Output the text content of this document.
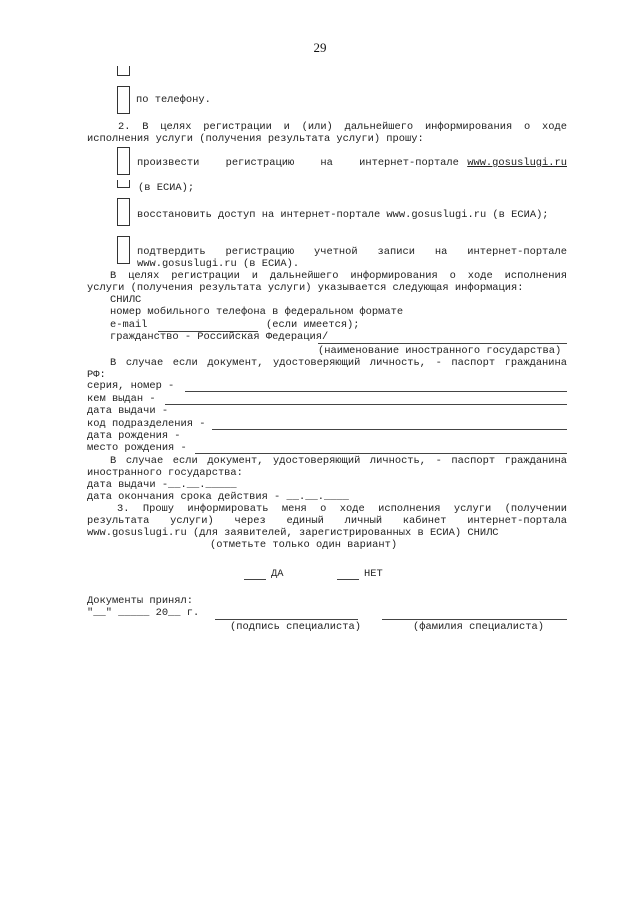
29
по телефону.
2. В целях регистрации и (или) дальнейшего информирования о ходе
исполнения услуги (получения результата услуги) прошу:
произвести регистрацию на интернет-портале www.gosuslugi.ru
(в ЕСИА);
восстановить доступ на интернет-портале www.gosuslugi.ru (в ЕСИА);
подтвердить регистрацию учетной записи на интернет-портале
www.gosuslugi.ru (в ЕСИА).
В целях регистрации и дальнейшего информирования о ходе исполнения
услуги (получения результата услуги) указывается следующая информация:
СНИЛС
номер мобильного телефона в федеральном формате
e-mail	(если имеется);
гражданство - Российская Федерация/
(наименование иностранного государства)
В случае если документ, удостоверяющий личность, - паспорт гражданина
РФ:
серия, номер -
кем выдан -
дата выдачи -
код подразделения -
дата рождения -
место рождения -
В случае если документ, удостоверяющий личность, - паспорт гражданина
иностранного государства:
дата выдачи -__.__._____
дата окончания срока действия - __.__.____
3. Прошу информировать меня о ходе исполнения услуги (получении
результата услуги) через единый личный кабинет интернет-портала
www.gosuslugi.ru (для заявителей, зарегистрированных в ЕСИА) СНИЛС
(отметьте только один вариант)
ДА	НЕТ
Документы принял:
"__" _____ 20__ г.
(подпись специалиста)	(фамилия специалиста)
